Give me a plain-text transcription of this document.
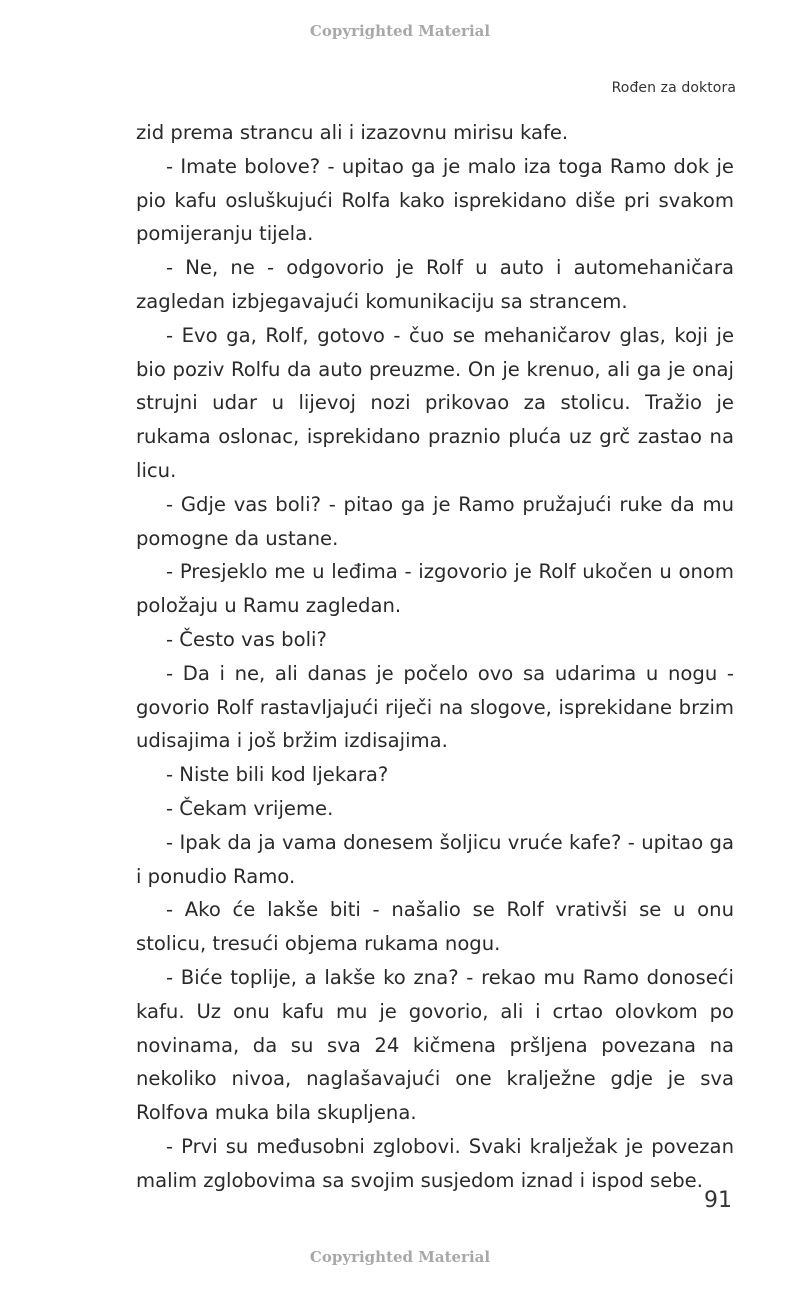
Copyrighted Material
Rođen za doktora

zid prema strancu ali i izazovnu mirisu kafe.

- Imate bolove? - upitao ga je malo iza toga Ramo dok je pio kafu osluškujući Rolfa kako isprekidano diše pri svakom pomijeranju tijela.

- Ne, ne - odgovorio je Rolf u auto i automehaničara zagledan izbjegavajući komunikaciju sa strancem.

- Evo ga, Rolf, gotovo - čuo se mehaničarov glas, koji je bio poziv Rolfu da auto preuzme. On je krenuo, ali ga je onaj strujni udar u lijevoj nozi prikovao za stolicu. Tražio je rukama oslonac, isprekidano praznio pluća uz grč zastao na licu.

- Gdje vas boli? - pitao ga je Ramo pružajući ruke da mu pomogne da ustane.

- Presjeklo me u leđima - izgovorio je Rolf ukočen u onom položaju u Ramu zagledan.

- Često vas boli?

- Da i ne, ali danas je počelo ovo sa udarima u nogu - govorio Rolf rastavljajući riječi na slogove, isprekidane brzim udisajima i još bržim izdisajima.

- Niste bili kod ljekara?

- Čekam vrijeme.

- Ipak da ja vama donesem šoljicu vruće kafe? - upitao ga i ponudio Ramo.

- Ako će lakše biti - našalio se Rolf vrativši se u onu stolicu, tresući objema rukama nogu.

- Biće toplije, a lakše ko zna? - rekao mu Ramo donoseći kafu. Uz onu kafu mu je govorio, ali i crtao olovkom po novinama, da su sva 24 kičmena pršljena povezana na nekoliko nivoa, naglašavajući one kralježne gdje je sva Rolfova muka bila skupljena.

- Prvi su međusobni zglobovi. Svaki kralježak je povezan malim zglobovima sa svojim susjedom iznad i ispod sebe.

91
Copyrighted Material
